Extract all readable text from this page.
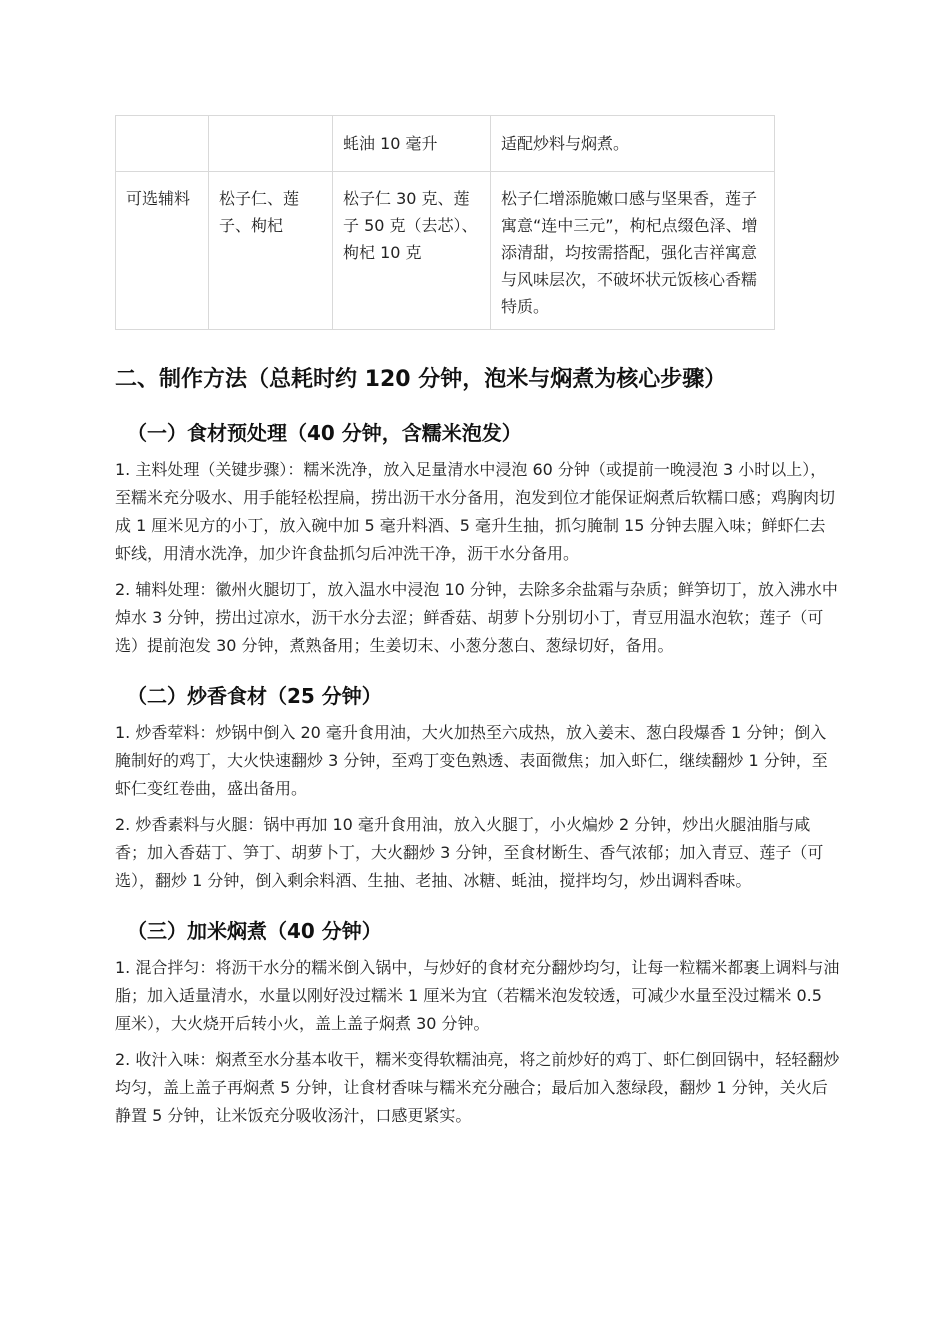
		蚝油 10 毫升	适配炒料与焖煮。
可选辅料	松子仁、莲子、枸杞	松子仁 30 克、莲子 50 克（去芯）、枸杞 10 克	松子仁增添脆嫩口感与坚果香，莲子寓意“连中三元”，枸杞点缀色泽、增添清甜，均按需搭配，强化吉祥寓意与风味层次，不破坏状元饭核心香糯特质。
二、制作方法（总耗时约 120 分钟，泡米与焖煮为核心步骤）
（一）食材预处理（40 分钟，含糯米泡发）

1. 主料处理（关键步骤）：糯米洗净，放入足量清水中浸泡 60 分钟（或提前一晚浸泡 3 小时以上），至糯米充分吸水、用手能轻松捏扁，捞出沥干水分备用，泡发到位才能保证焖煮后软糯口感；鸡胸肉切成 1 厘米见方的小丁，放入碗中加 5 毫升料酒、5 毫升生抽，抓匀腌制 15 分钟去腥入味；鲜虾仁去虾线，用清水洗净，加少许食盐抓匀后冲洗干净，沥干水分备用。

2. 辅料处理：徽州火腿切丁，放入温水中浸泡 10 分钟，去除多余盐霜与杂质；鲜笋切丁，放入沸水中焯水 3 分钟，捞出过凉水，沥干水分去涩；鲜香菇、胡萝卜分别切小丁，青豆用温水泡软；莲子（可选）提前泡发 30 分钟，煮熟备用；生姜切末、小葱分葱白、葱绿切好，备用。

（二）炒香食材（25 分钟）

1. 炒香荤料：炒锅中倒入 20 毫升食用油，大火加热至六成热，放入姜末、葱白段爆香 1 分钟；倒入腌制好的鸡丁，大火快速翻炒 3 分钟，至鸡丁变色熟透、表面微焦；加入虾仁，继续翻炒 1 分钟，至虾仁变红卷曲，盛出备用。

2. 炒香素料与火腿：锅中再加 10 毫升食用油，放入火腿丁，小火煸炒 2 分钟，炒出火腿油脂与咸香；加入香菇丁、笋丁、胡萝卜丁，大火翻炒 3 分钟，至食材断生、香气浓郁；加入青豆、莲子（可选），翻炒 1 分钟，倒入剩余料酒、生抽、老抽、冰糖、蚝油，搅拌均匀，炒出调料香味。

（三）加米焖煮（40 分钟）

1. 混合拌匀：将沥干水分的糯米倒入锅中，与炒好的食材充分翻炒均匀，让每一粒糯米都裹上调料与油脂；加入适量清水，水量以刚好没过糯米 1 厘米为宜（若糯米泡发较透，可减少水量至没过糯米 0.5 厘米），大火烧开后转小火，盖上盖子焖煮 30 分钟。

2. 收汁入味：焖煮至水分基本收干，糯米变得软糯油亮，将之前炒好的鸡丁、虾仁倒回锅中，轻轻翻炒均匀，盖上盖子再焖煮 5 分钟，让食材香味与糯米充分融合；最后加入葱绿段，翻炒 1 分钟，关火后静置 5 分钟，让米饭充分吸收汤汁，口感更紧实。
